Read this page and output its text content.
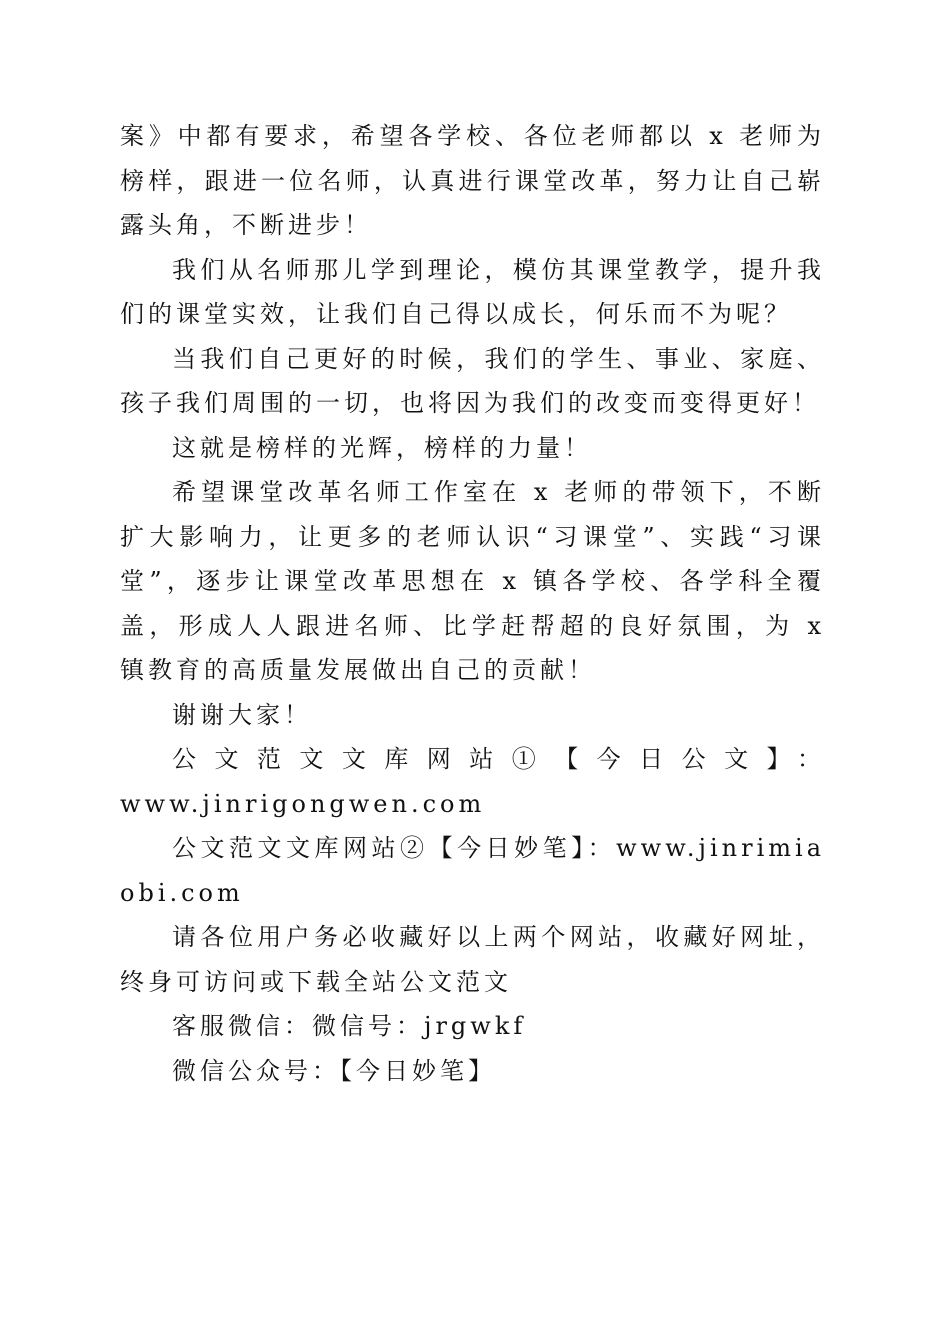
案》中都有要求，希望各学校、各位老师都以 x 老师为榜样，跟进一位名师，认真进行课堂改革，努力让自己崭露头角，不断进步！

我们从名师那儿学到理论，模仿其课堂教学，提升我们的课堂实效，让我们自己得以成长，何乐而不为呢？

当我们自己更好的时候，我们的学生、事业、家庭、孩子我们周围的一切，也将因为我们的改变而变得更好！

这就是榜样的光辉，榜样的力量！

希望课堂改革名师工作室在 x 老师的带领下，不断扩大影响力，让更多的老师认识“习课堂”、实践“习课堂”，逐步让课堂改革思想在 x 镇各学校、各学科全覆盖，形成人人跟进名师、比学赶帮超的良好氛围，为 x 镇教育的高质量发展做出自己的贡献！

谢谢大家！

公文范文文库网站①【今日公文】：
www.jinrigongwen.com

公文范文文库网站②【今日妙笔】：www.jinrimiaobi.com

请各位用户务必收藏好以上两个网站，收藏好网址，终身可访问或下载全站公文范文

客服微信：微信号：jrgwkf

微信公众号：【今日妙笔】
